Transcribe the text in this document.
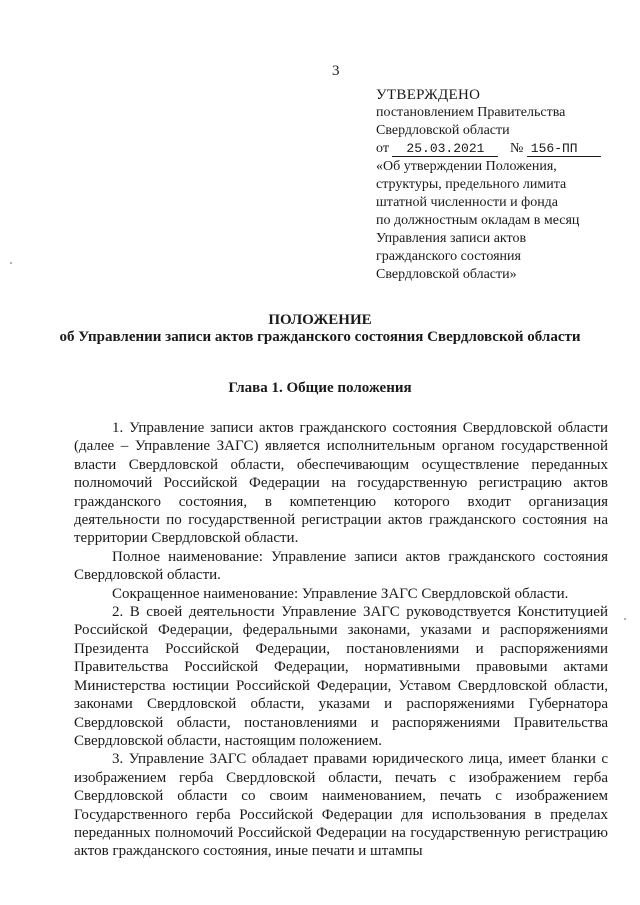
3
УТВЕРЖДЕНО
постановлением Правительства
Свердловской области
от 25.03.2021 № 156-ПП
«Об утверждении Положения,
структуры, предельного лимита
штатной численности и фонда
по должностным окладам в месяц
Управления записи актов
гражданского состояния
Свердловской области»
ПОЛОЖЕНИЕ
об Управлении записи актов гражданского состояния Свердловской области
Глава 1. Общие положения

1. Управление записи актов гражданского состояния Свердловской области (далее – Управление ЗАГС) является исполнительным органом государственной власти Свердловской области, обеспечивающим осуществление переданных полномочий Российской Федерации на государственную регистрацию актов гражданского состояния, в компетенцию которого входит организация деятельности по государственной регистрации актов гражданского состояния на территории Свердловской области.

Полное наименование: Управление записи актов гражданского состояния Свердловской области.

Сокращенное наименование: Управление ЗАГС Свердловской области.

2. В своей деятельности Управление ЗАГС руководствуется Конституцией Российской Федерации, федеральными законами, указами и распоряжениями Президента Российской Федерации, постановлениями и распоряжениями Правительства Российской Федерации, нормативными правовыми актами Министерства юстиции Российской Федерации, Уставом Свердловской области, законами Свердловской области, указами и распоряжениями Губернатора Свердловской области, постановлениями и распоряжениями Правительства Свердловской области, настоящим положением.

3. Управление ЗАГС обладает правами юридического лица, имеет бланки с изображением герба Свердловской области, печать с изображением герба Свердловской области со своим наименованием, печать с изображением Государственного герба Российской Федерации для использования в пределах переданных полномочий Российской Федерации на государственную регистрацию актов гражданского состояния, иные печати и штампы
